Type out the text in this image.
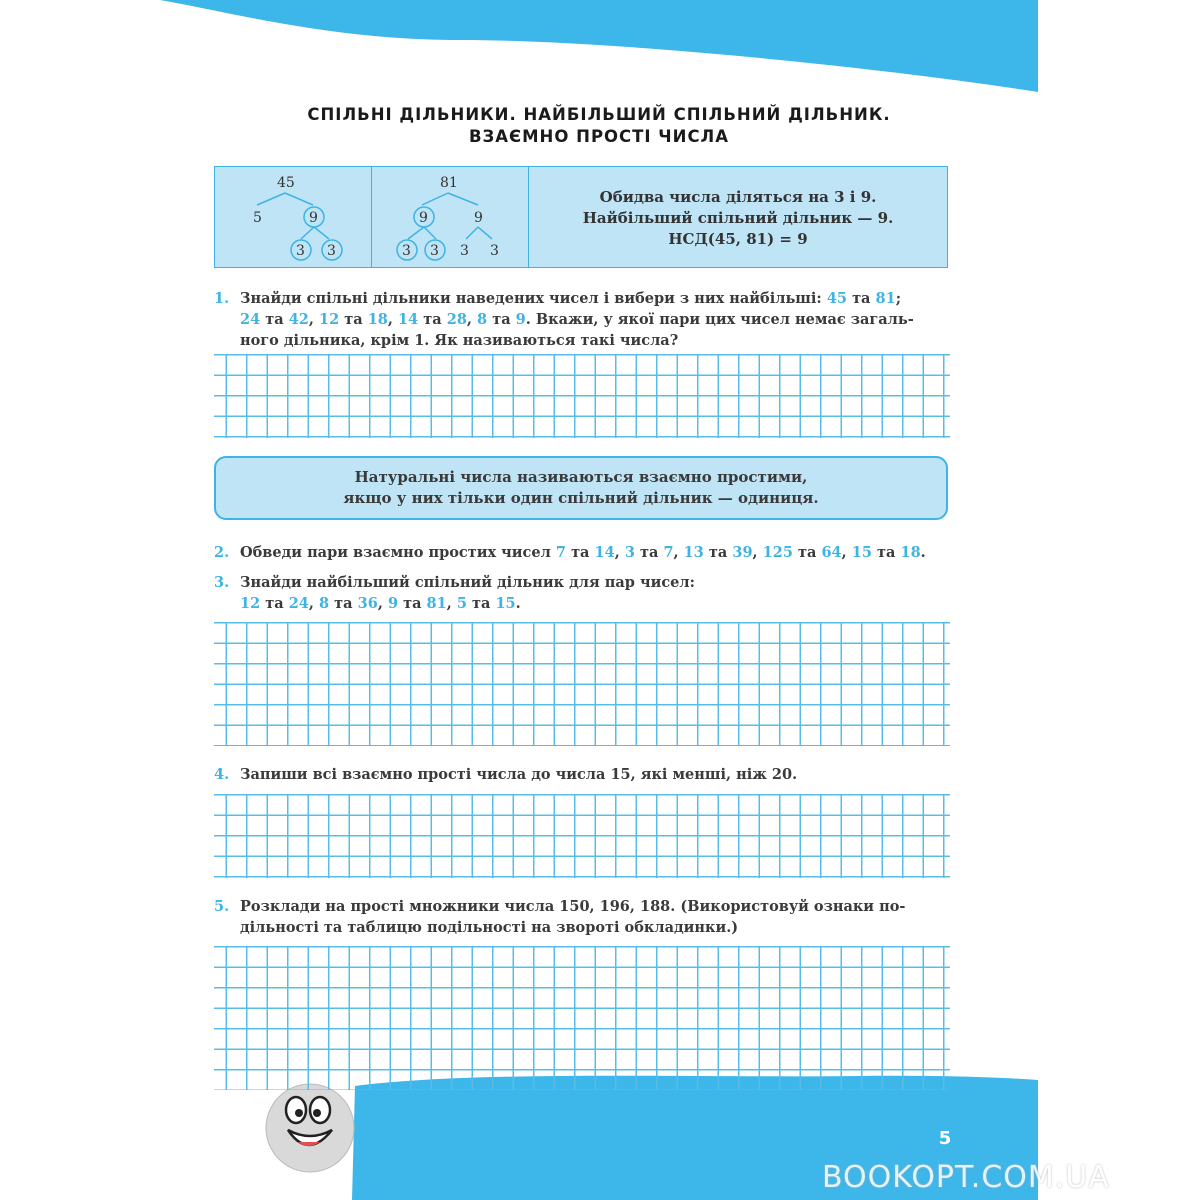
СПІЛЬНІ ДІЛЬНИКИ. НАЙБІЛЬШИЙ СПІЛЬНИЙ ДІЛЬНИК.
ВЗАЄМНО ПРОСТІ ЧИСЛА
45
5	9
3 3
81
9	9
3 3 3 3
Обидва числа діляться на 3 і 9.
Найбільший спільний дільник — 9.
НСД(45, 81) = 9
1. Знайди спільні дільники наведених чисел і вибери з них найбільші: 45 та 81;
24 та 42, 12 та 18, 14 та 28, 8 та 9. Вкажи, у якої пари цих чисел немає загаль-
ного дільника, крім 1. Як називаються такі числа?
Натуральні числа називаються взаємно простими,
якщо у них тільки один спільний дільник — одиниця.
2. Обведи пари взаємно простих чисел 7 та 14, 3 та 7, 13 та 39, 125 та 64, 15 та 18.
3. Знайди найбільший спільний дільник для пар чисел:
12 та 24, 8 та 36, 9 та 81, 5 та 15.
4. Запиши всі взаємно прості числа до числа 15, які менші, ніж 20.
5. Розклади на прості множники числа 150, 196, 188. (Використовуй ознаки по-
дільності та таблицю подільності на звороті обкладинки.)
5
BOOKOPT.COM.UA
